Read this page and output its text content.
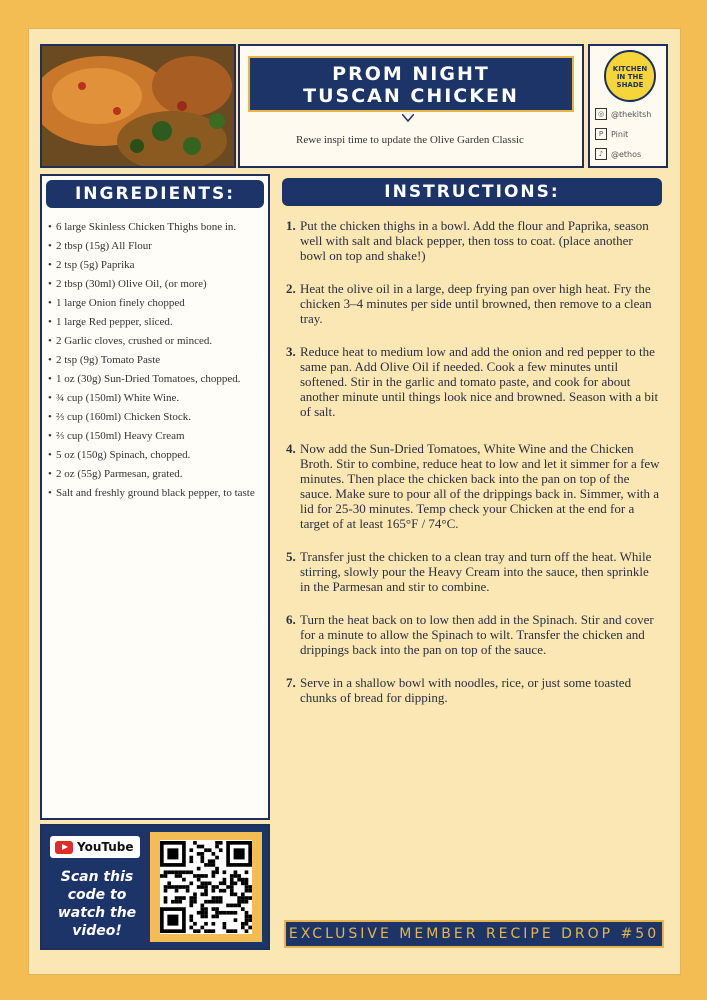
PROM NIGHT
TUSCAN CHICKEN
Rewe inspi time to update the Olive Garden Classic
KITCHEN
IN THE
SHADE
◎ @thekitsh
P Pinit
♪ @ethos
INGREDIENTS:
• 6 large Skinless Chicken Thighs bone in.
• 2 tbsp (15g) All Flour
• 2 tsp (5g) Paprika
• 2 tbsp (30ml) Olive Oil, (or more)
• 1 large Onion finely chopped
• 1 large Red pepper, sliced.
• 2 Garlic cloves, crushed or minced.
• 2 tsp (9g) Tomato Paste
• 1 oz (30g) Sun-Dried Tomatoes, chopped.
• ¾ cup (150ml) White Wine.
• ⅔ cup (160ml) Chicken Stock.
• ⅔ cup (150ml) Heavy Cream
• 5 oz (150g) Spinach, chopped.
• 2 oz (55g) Parmesan, grated.
• Salt and freshly ground black pepper, to taste
INSTRUCTIONS:
1. Put the chicken thighs in a bowl. Add the flour and Paprika, season well with salt and black pepper, then toss to coat. (place another bowl on top and shake!)
2. Heat the olive oil in a large, deep frying pan over high heat. Fry the chicken 3–4 minutes per side until browned, then remove to a clean tray.
3. Reduce heat to medium low and add the onion and red pepper to the same pan. Add Olive Oil if needed. Cook a few minutes until softened. Stir in the garlic and tomato paste, and cook for about another minute until things look nice and browned. Season with a bit of salt.
4. Now add the Sun-Dried Tomatoes, White Wine and the Chicken Broth. Stir to combine, reduce heat to low and let it simmer for a few minutes. Then place the chicken back into the pan on top of the sauce. Make sure to pour all of the drippings back in. Simmer, with a lid for 25-30 minutes. Temp check your Chicken at the end for a target of at least 165°F / 74°C.
5. Transfer just the chicken to a clean tray and turn off the heat. While stirring, slowly pour the Heavy Cream into the sauce, then sprinkle in the Parmesan and stir to combine.
6. Turn the heat back on to low then add in the Spinach. Stir and cover for a minute to allow the Spinach to wilt. Transfer the chicken and drippings back into the pan on top of the sauce.
7. Serve in a shallow bowl with noodles, rice, or just some toasted chunks of bread for dipping.
YouTube
Scan this code to watch the video!	EXCLUSIVE MEMBER RECIPE DROP #50
